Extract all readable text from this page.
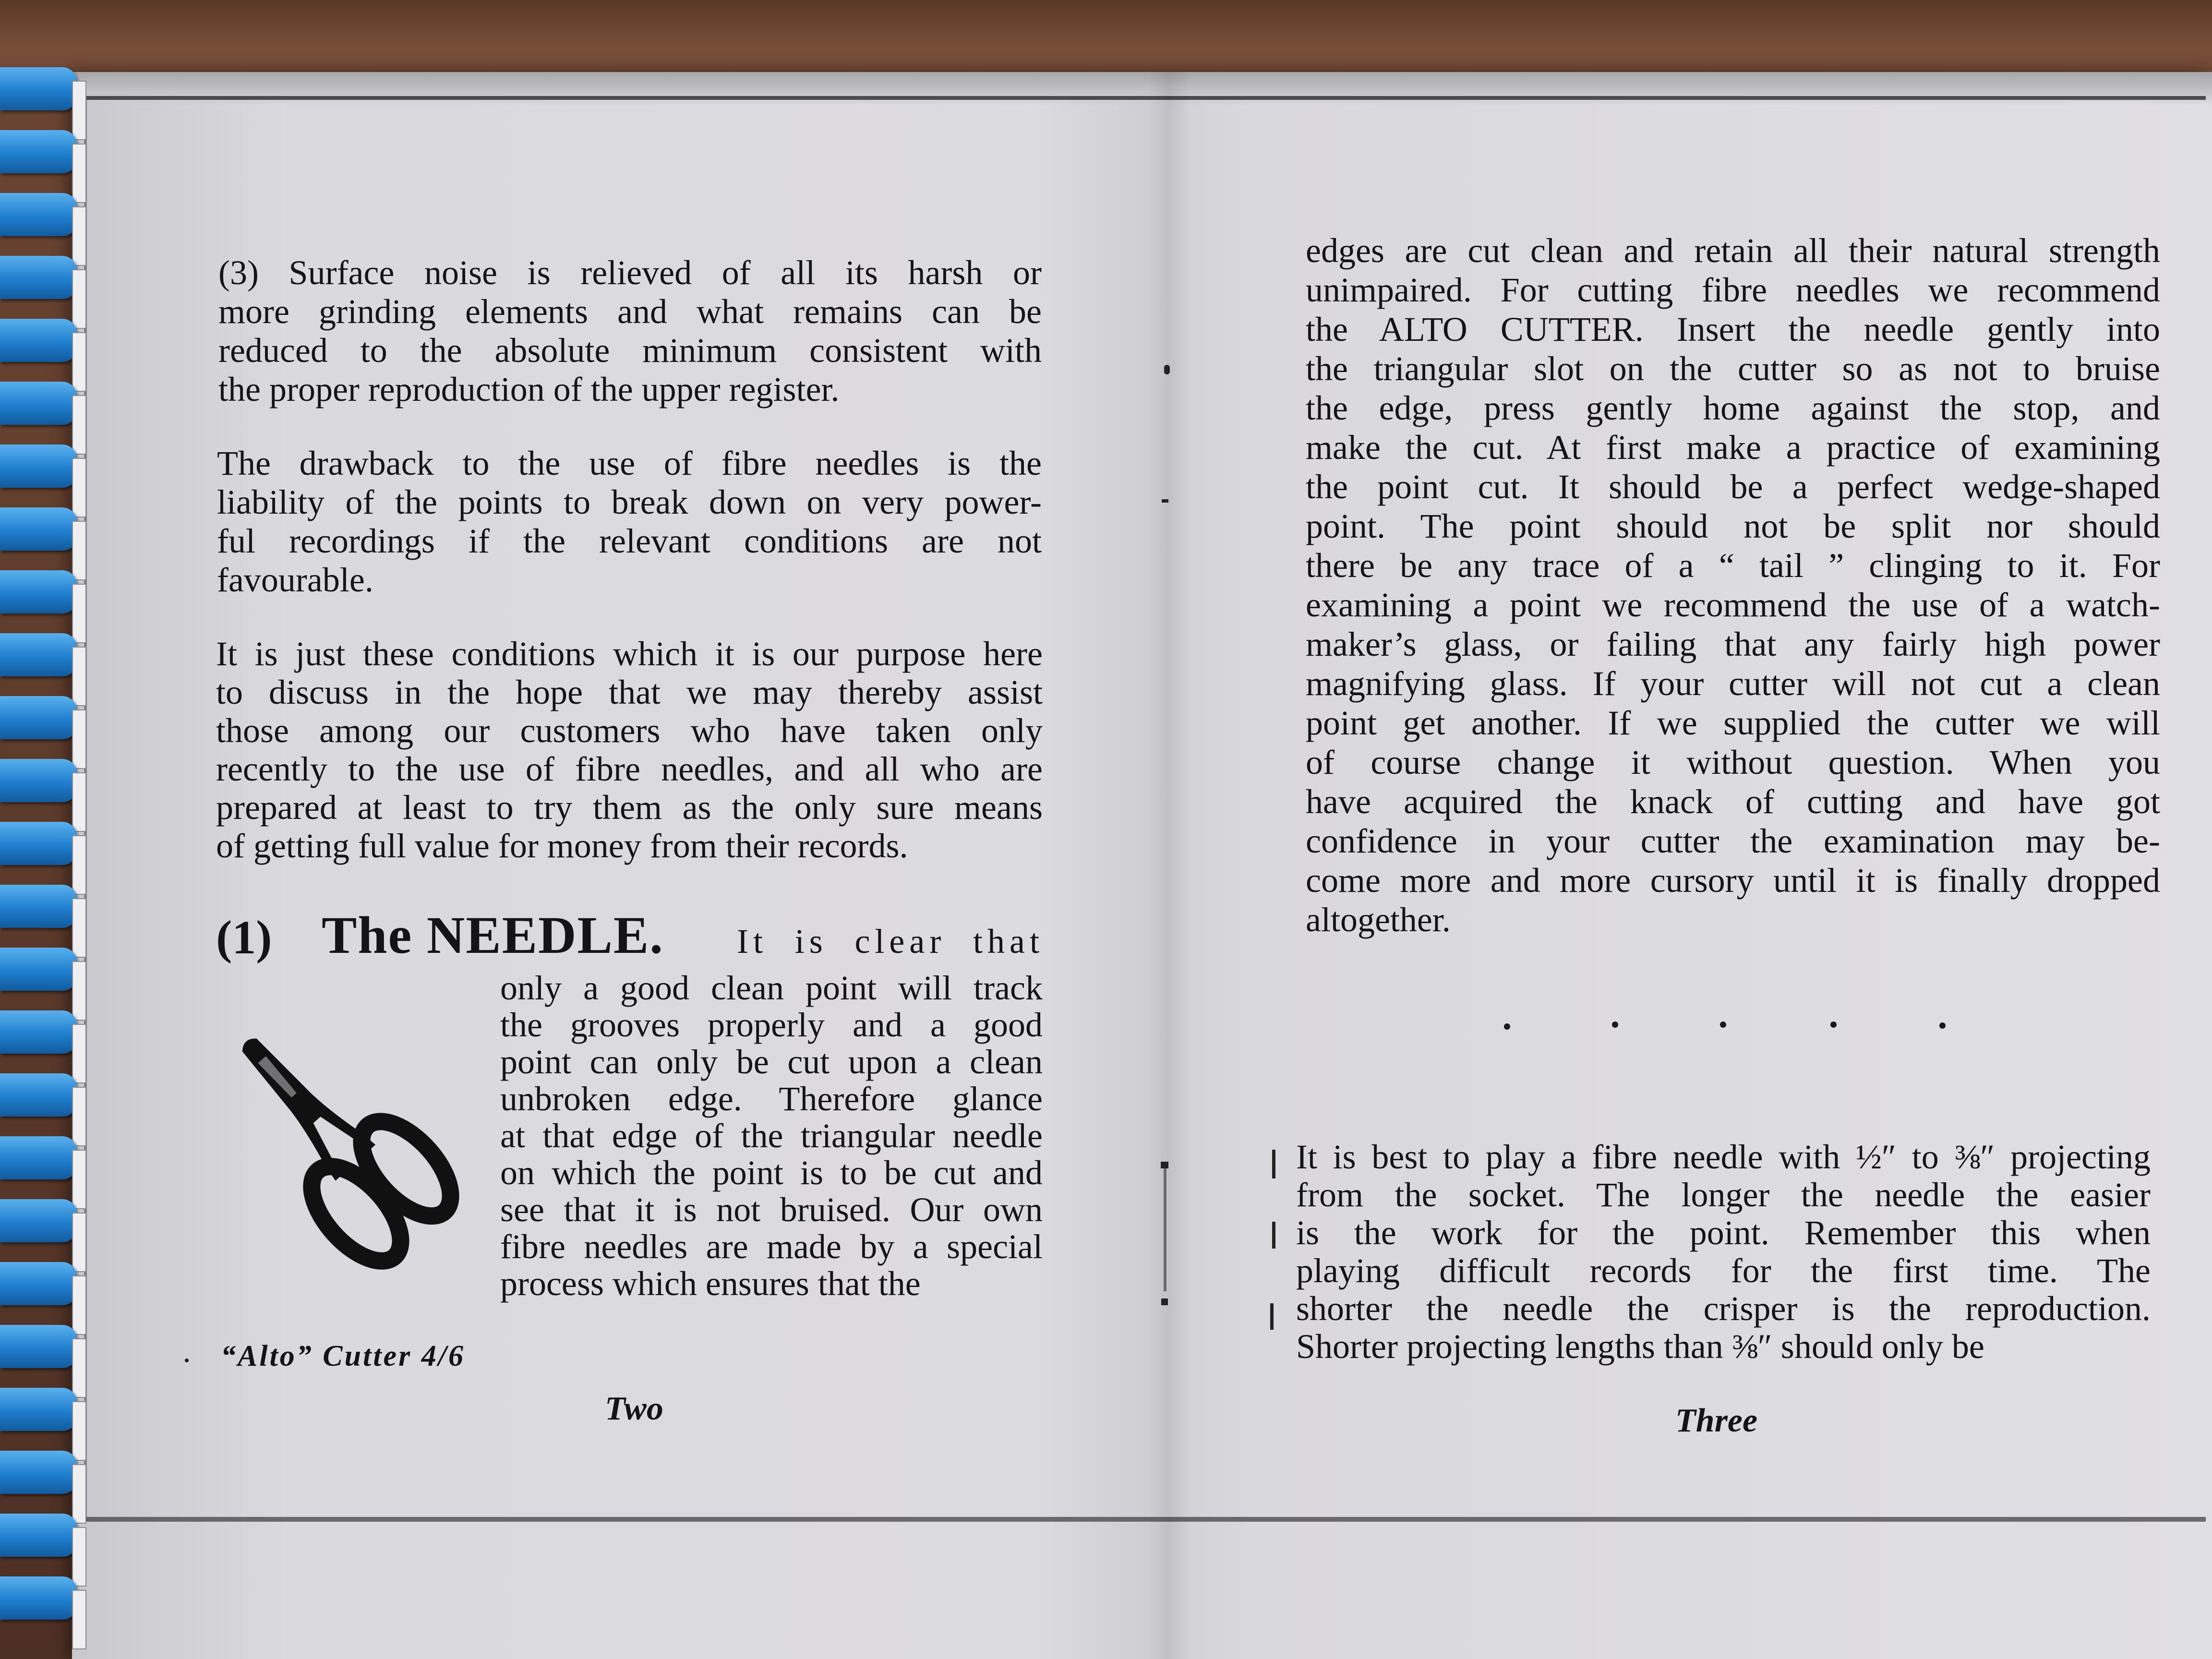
(3) Surface noise is relieved of all its harsh or
more grinding elements and what remains can be
reduced to the absolute minimum consistent with
the proper reproduction of the upper register.
The drawback to the use of fibre needles is the
liability of the points to break down on very power-
ful recordings if the relevant conditions are not
favourable.
It is just these conditions which it is our purpose here
to discuss in the hope that we may thereby assist
those among our customers who have taken only
recently to the use of fibre needles, and all who are
prepared at least to try them as the only sure means
of getting full value for money from their records.
(1) The NEEDLE. It is clear that
only a good clean point will track
the grooves properly and a good
point can only be cut upon a clean
unbroken edge. Therefore glance
at that edge of the triangular needle
on which the point is to be cut and
see that it is not bruised. Our own
fibre needles are made by a special
process which ensures that the
“Alto” Cutter 4/6
Two
edges are cut clean and retain all their natural strength
unimpaired. For cutting fibre needles we recommend
the ALTO CUTTER. Insert the needle gently into
the triangular slot on the cutter so as not to bruise
the edge, press gently home against the stop, and
make the cut. At first make a practice of examining
the point cut. It should be a perfect wedge-shaped
point. The point should not be split nor should
there be any trace of a “ tail ” clinging to it. For
examining a point we recommend the use of a watch-
maker’s glass, or failing that any fairly high power
magnifying glass. If your cutter will not cut a clean
point get another. If we supplied the cutter we will
of course change it without question. When you
have acquired the knack of cutting and have got
confidence in your cutter the examination may be-
come more and more cursory until it is finally dropped
altogether.
It is best to play a fibre needle with ½″ to ⅜″ projecting
from the socket. The longer the needle the easier
is the work for the point. Remember this when
playing difficult records for the first time. The
shorter the needle the crisper is the reproduction.
Shorter projecting lengths than ⅜″ should only be
Three
